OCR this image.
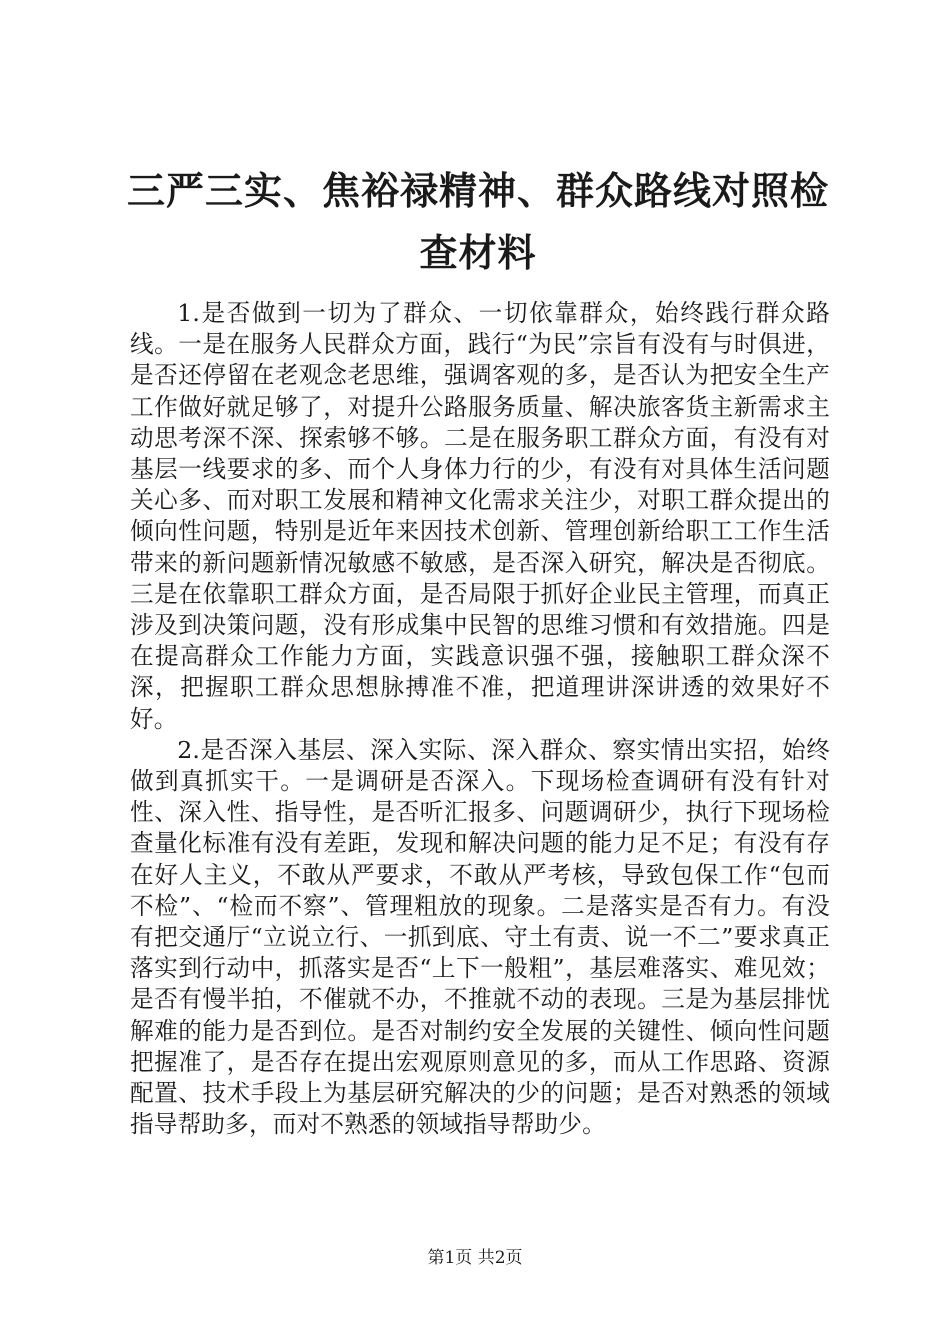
三严三实、焦裕禄精神、群众路线对照检查材料

1.是否做到一切为了群众、一切依靠群众，始终践行群众路线。一是在服务人民群众方面，践行“为民”宗旨有没有与时俱进，是否还停留在老观念老思维，强调客观的多，是否认为把安全生产工作做好就足够了，对提升公路服务质量、解决旅客货主新需求主动思考深不深、探索够不够。二是在服务职工群众方面，有没有对基层一线要求的多、而个人身体力行的少，有没有对具体生活问题关心多、而对职工发展和精神文化需求关注少，对职工群众提出的倾向性问题，特别是近年来因技术创新、管理创新给职工工作生活带来的新问题新情况敏感不敏感，是否深入研究，解决是否彻底。三是在依靠职工群众方面，是否局限于抓好企业民主管理，而真正涉及到决策问题，没有形成集中民智的思维习惯和有效措施。四是在提高群众工作能力方面，实践意识强不强，接触职工群众深不深，把握职工群众思想脉搏准不准，把道理讲深讲透的效果好不好。

2.是否深入基层、深入实际、深入群众、察实情出实招，始终做到真抓实干。一是调研是否深入。下现场检查调研有没有针对性、深入性、指导性，是否听汇报多、问题调研少，执行下现场检查量化标准有没有差距，发现和解决问题的能力足不足；有没有存在好人主义，不敢从严要求，不敢从严考核，导致包保工作“包而不检”、“检而不察”、管理粗放的现象。二是落实是否有力。有没有把交通厅“立说立行、一抓到底、守土有责、说一不二”要求真正落实到行动中，抓落实是否“上下一般粗”，基层难落实、难见效；是否有慢半拍，不催就不办，不推就不动的表现。三是为基层排忧解难的能力是否到位。是否对制约安全发展的关键性、倾向性问题把握准了，是否存在提出宏观原则意见的多，而从工作思路、资源配置、技术手段上为基层研究解决的少的问题；是否对熟悉的领域指导帮助多，而对不熟悉的领域指导帮助少。

第1页 共2页
